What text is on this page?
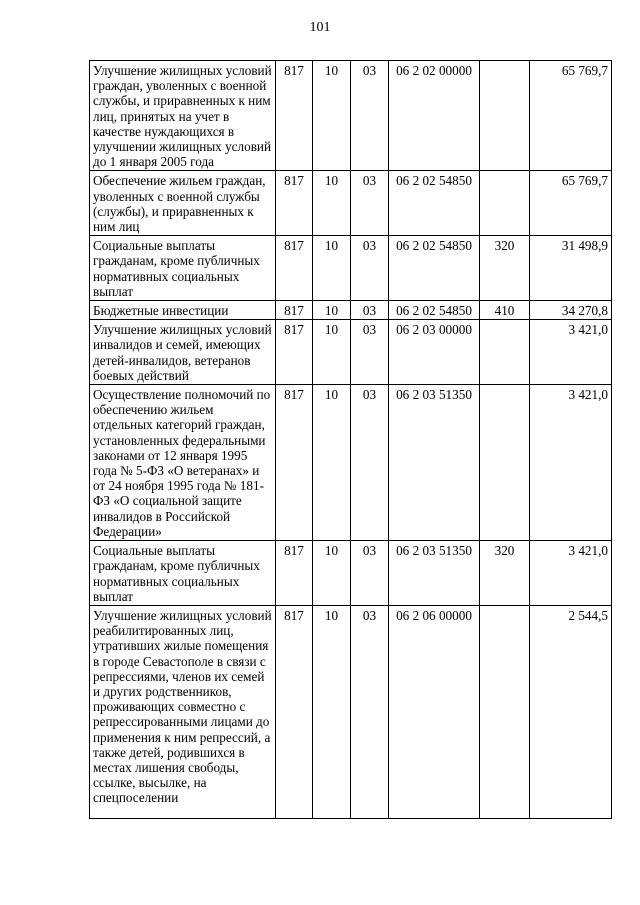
101
Улучшение жилищных условий граждан, уволенных с военной службы, и приравненных к ним лиц, принятых на учет в качестве нуждающихся в улучшении жилищных условий до 1 января 2005 года	817	10	03	06 2 02 00000		65 769,7
Обеспечение жильем граждан, уволенных с военной службы (службы), и приравненных к ним лиц	817	10	03	06 2 02 54850		65 769,7
Социальные выплаты гражданам, кроме публичных нормативных социальных выплат	817	10	03	06 2 02 54850	320	31 498,9
Бюджетные инвестиции	817	10	03	06 2 02 54850	410	34 270,8
Улучшение жилищных условий инвалидов и семей, имеющих детей-инвалидов, ветеранов боевых действий	817	10	03	06 2 03 00000		3 421,0
Осуществление полномочий по обеспечению жильем отдельных категорий граждан, установленных федеральными законами от 12 января 1995 года № 5-ФЗ «О ветеранах» и от 24 ноября 1995 года № 181-ФЗ «О социальной защите инвалидов в Российской Федерации»	817	10	03	06 2 03 51350		3 421,0
Социальные выплаты гражданам, кроме публичных нормативных социальных выплат	817	10	03	06 2 03 51350	320	3 421,0
Улучшение жилищных условий реабилитированных лиц, утративших жилые помещения в городе Севастополе в связи с репрессиями, членов их семей и других родственников, проживающих совместно с репрессированными лицами до применения к ним репрессий, а также детей, родившихся в местах лишения свободы, ссылке, высылке, на спецпоселении	817	10	03	06 2 06 00000		2 544,5
